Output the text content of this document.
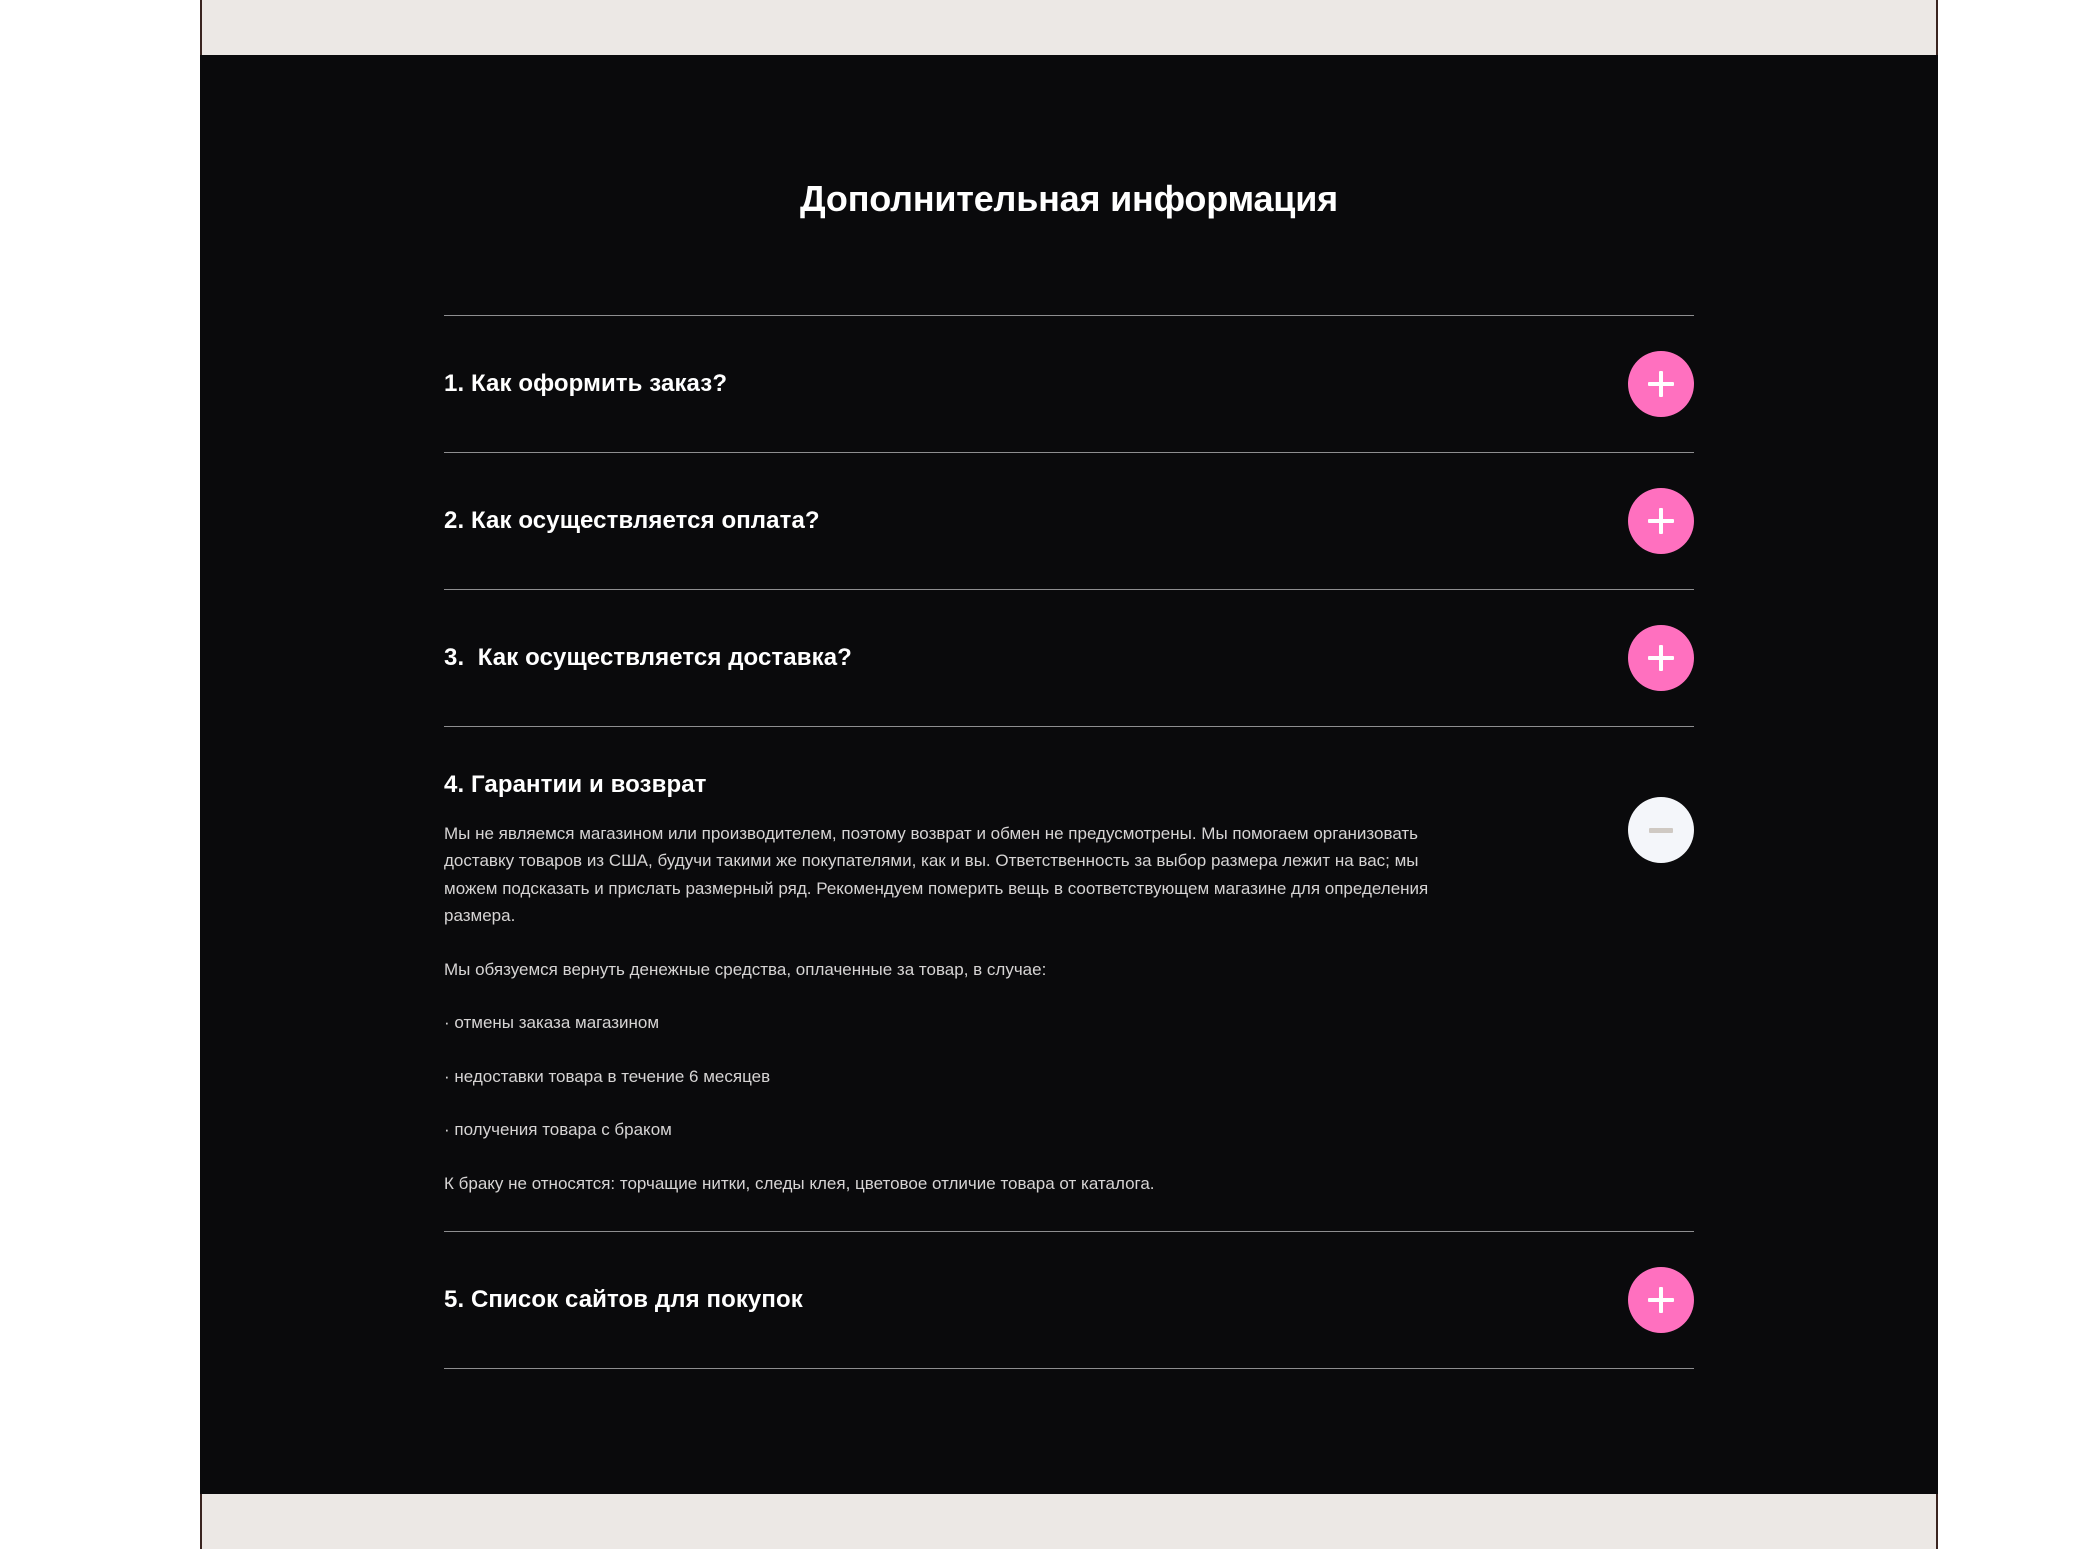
Дополнительная информация
1. Как оформить заказ?
2. Как осуществляется оплата?
3.  Как осуществляется доставка?
4. Гарантии и возврат

Мы не являемся магазином или производителем, поэтому возврат и обмен не предусмотрены. Мы помогаем организовать доставку товаров из США, будучи такими же покупателями, как и вы. Ответственность за выбор размера лежит на вас; мы можем подсказать и прислать размерный ряд. Рекомендуем померить вещь в соответствующем магазине для определения размера.

Мы обязуемся вернуть денежные средства, оплаченные за товар, в случае:

· отмены заказа магазином

· недоставки товара в течение 6 месяцев

· получения товара с браком

К браку не относятся: торчащие нитки, следы клея, цветовое отличие товара от каталога.

5. Список сайтов для покупок
